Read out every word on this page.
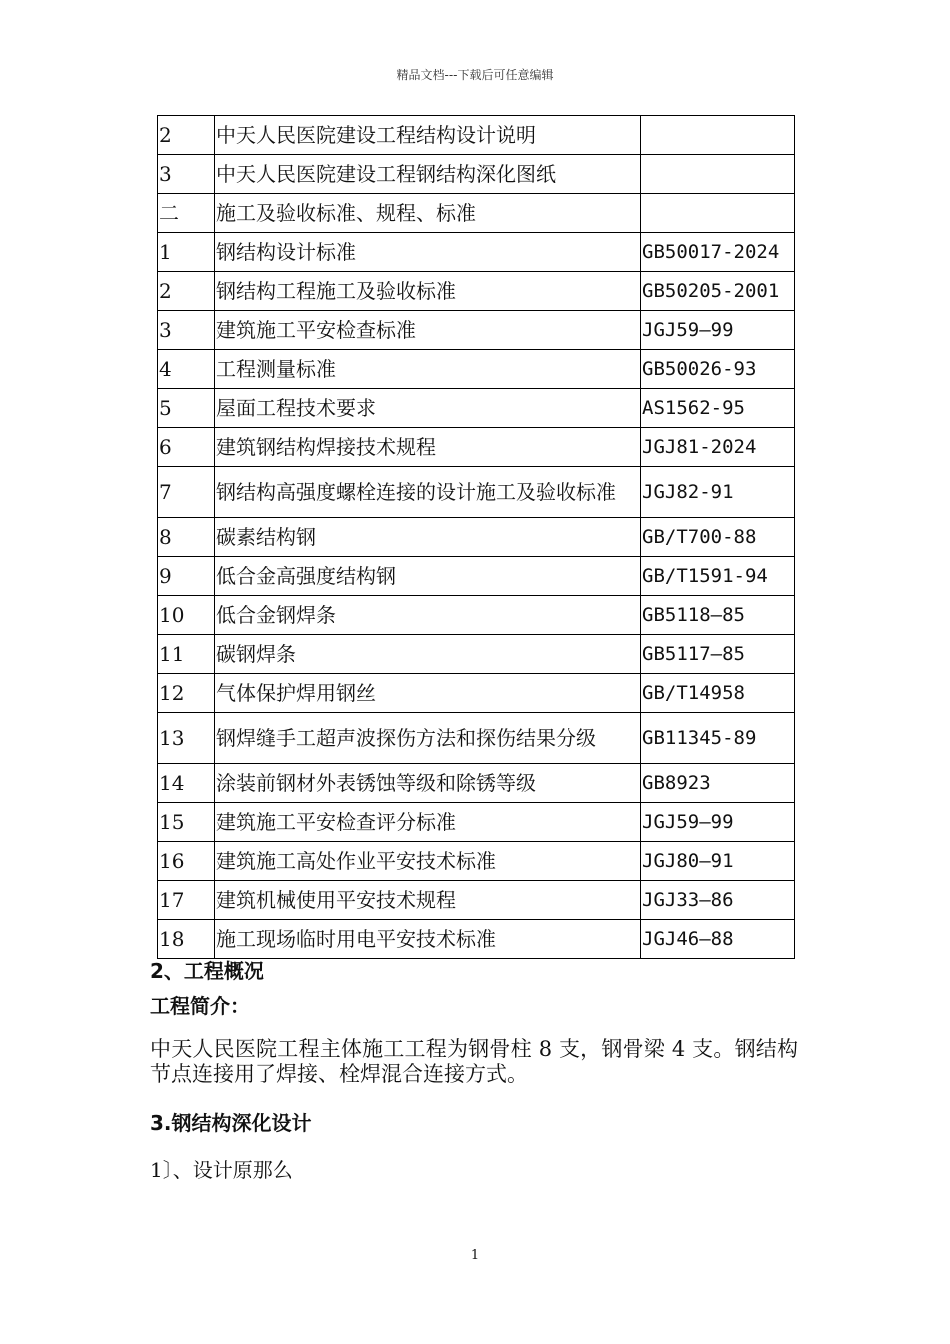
精品文档---下载后可任意编辑
2	中天人民医院建设工程结构设计说明	
3	中天人民医院建设工程钢结构深化图纸	
二	施工及验收标准、规程、标准	
1	钢结构设计标准	GB50017-2024
2	钢结构工程施工及验收标准	GB50205-2001
3	建筑施工平安检查标准	JGJ59—99
4	工程测量标准	GB50026-93
5	屋面工程技术要求	AS1562-95
6	建筑钢结构焊接技术规程	JGJ81-2024
7	钢结构高强度螺栓连接的设计施工及验收标准	JGJ82-91
8	碳素结构钢	GB/T700-88
9	低合金高强度结构钢	GB/T1591-94
10	低合金钢焊条	GB5118—85
11	碳钢焊条	GB5117—85
12	气体保护焊用钢丝	GB/T14958
13	钢焊缝手工超声波探伤方法和探伤结果分级	GB11345-89
14	涂装前钢材外表锈蚀等级和除锈等级	GB8923
15	建筑施工平安检查评分标准	JGJ59—99
16	建筑施工高处作业平安技术标准	JGJ80—91
17	建筑机械使用平安技术规程	JGJ33—86
18	施工现场临时用电平安技术标准	JGJ46—88
2、工程概况
工程简介：
中天人民医院工程主体施工工程为钢骨柱 8 支，钢骨梁 4 支。钢结构节点连接用了焊接、栓焊混合连接方式。
3.钢结构深化设计
1〕、设计原那么
1
